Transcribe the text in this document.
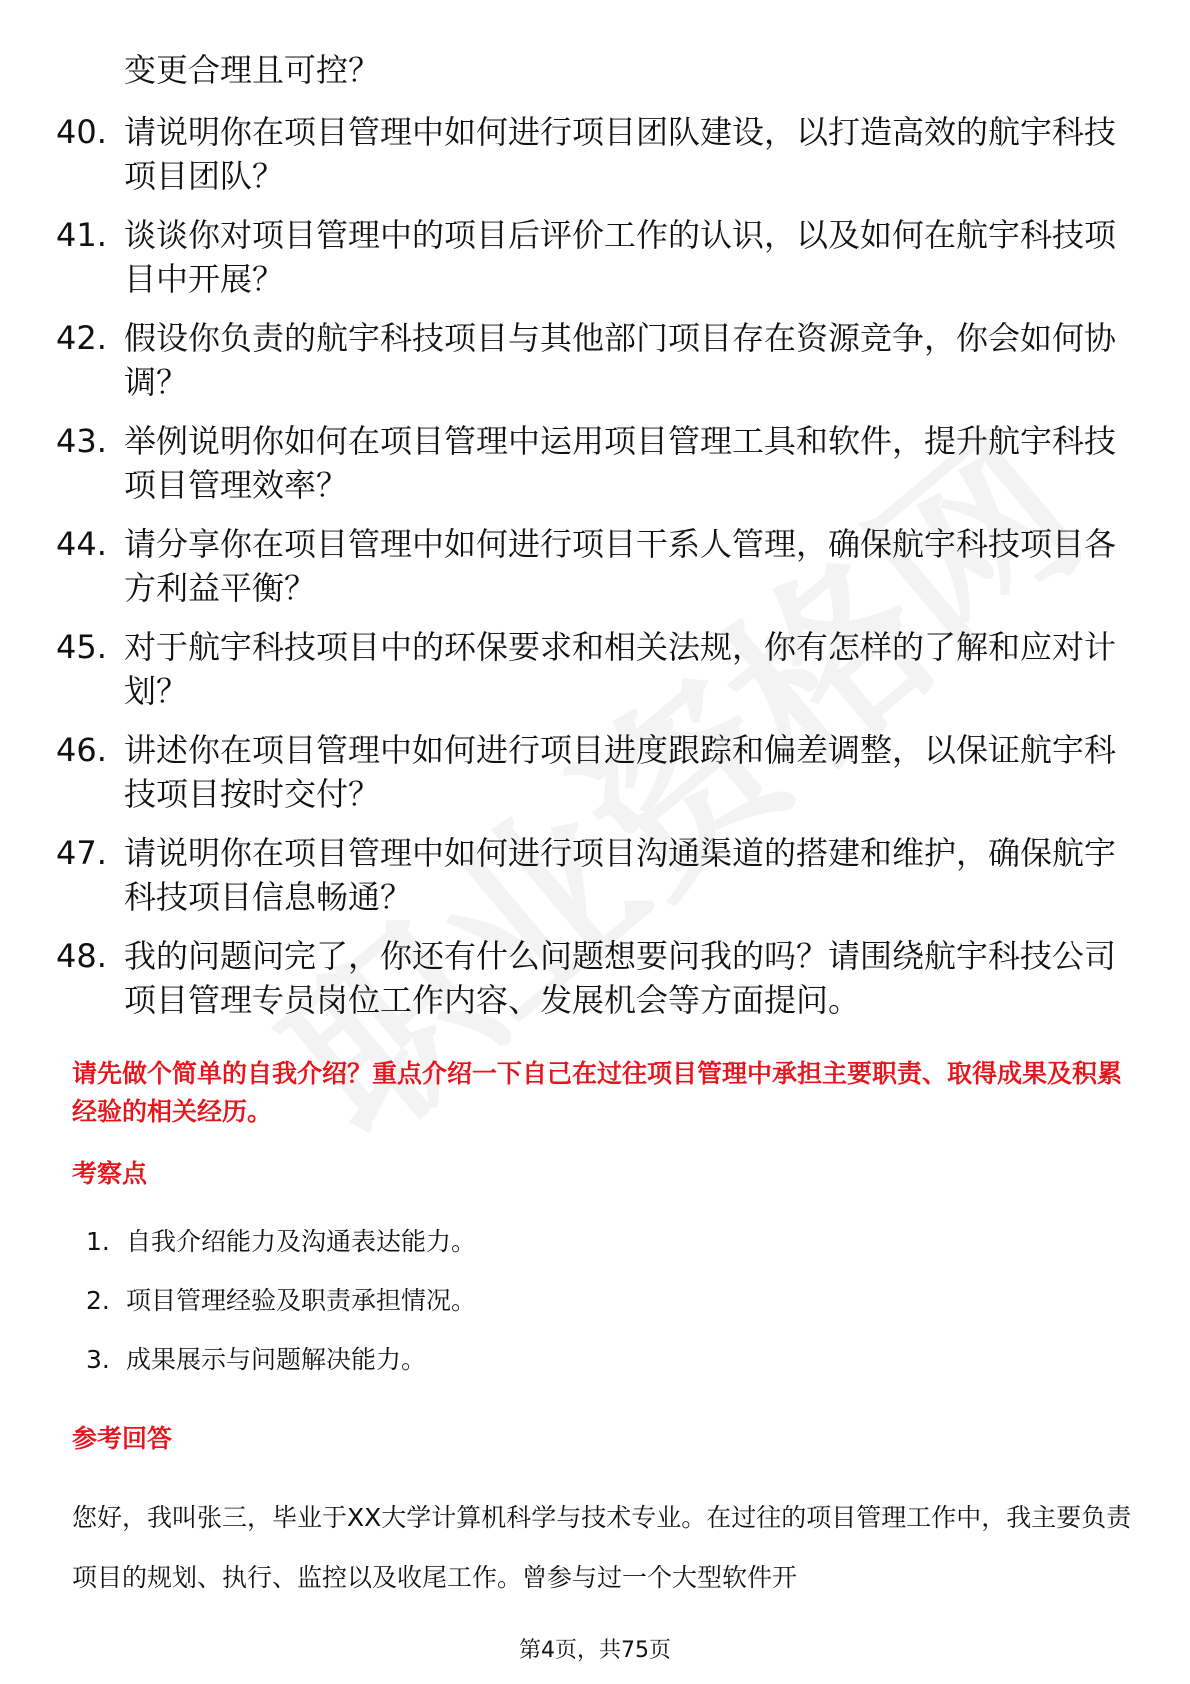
变更合理且可控？
40. 请说明你在项目管理中如何进行项目团队建设，以打造高效的航宇科技项目团队？
41. 谈谈你对项目管理中的项目后评价工作的认识，以及如何在航宇科技项目中开展？
42. 假设你负责的航宇科技项目与其他部门项目存在资源竞争，你会如何协调？
43. 举例说明你如何在项目管理中运用项目管理工具和软件，提升航宇科技项目管理效率？
44. 请分享你在项目管理中如何进行项目干系人管理，确保航宇科技项目各方利益平衡？
45. 对于航宇科技项目中的环保要求和相关法规，你有怎样的了解和应对计划？
46. 讲述你在项目管理中如何进行项目进度跟踪和偏差调整，以保证航宇科技项目按时交付？
47. 请说明你在项目管理中如何进行项目沟通渠道的搭建和维护，确保航宇科技项目信息畅通？
48. 我的问题问完了，你还有什么问题想要问我的吗？请围绕航宇科技公司项目管理专员岗位工作内容、发展机会等方面提问。
请先做个简单的自我介绍？重点介绍一下自己在过往项目管理中承担主要职责、取得成果及积累经验的相关经历。
考察点
1. 自我介绍能力及沟通表达能力。
2. 项目管理经验及职责承担情况。
3. 成果展示与问题解决能力。
参考回答
您好，我叫张三，毕业于XX大学计算机科学与技术专业。在过往的项目管理工作中，我主要负责项目的规划、执行、监控以及收尾工作。曾参与过一个大型软件开
第4页，共75页
